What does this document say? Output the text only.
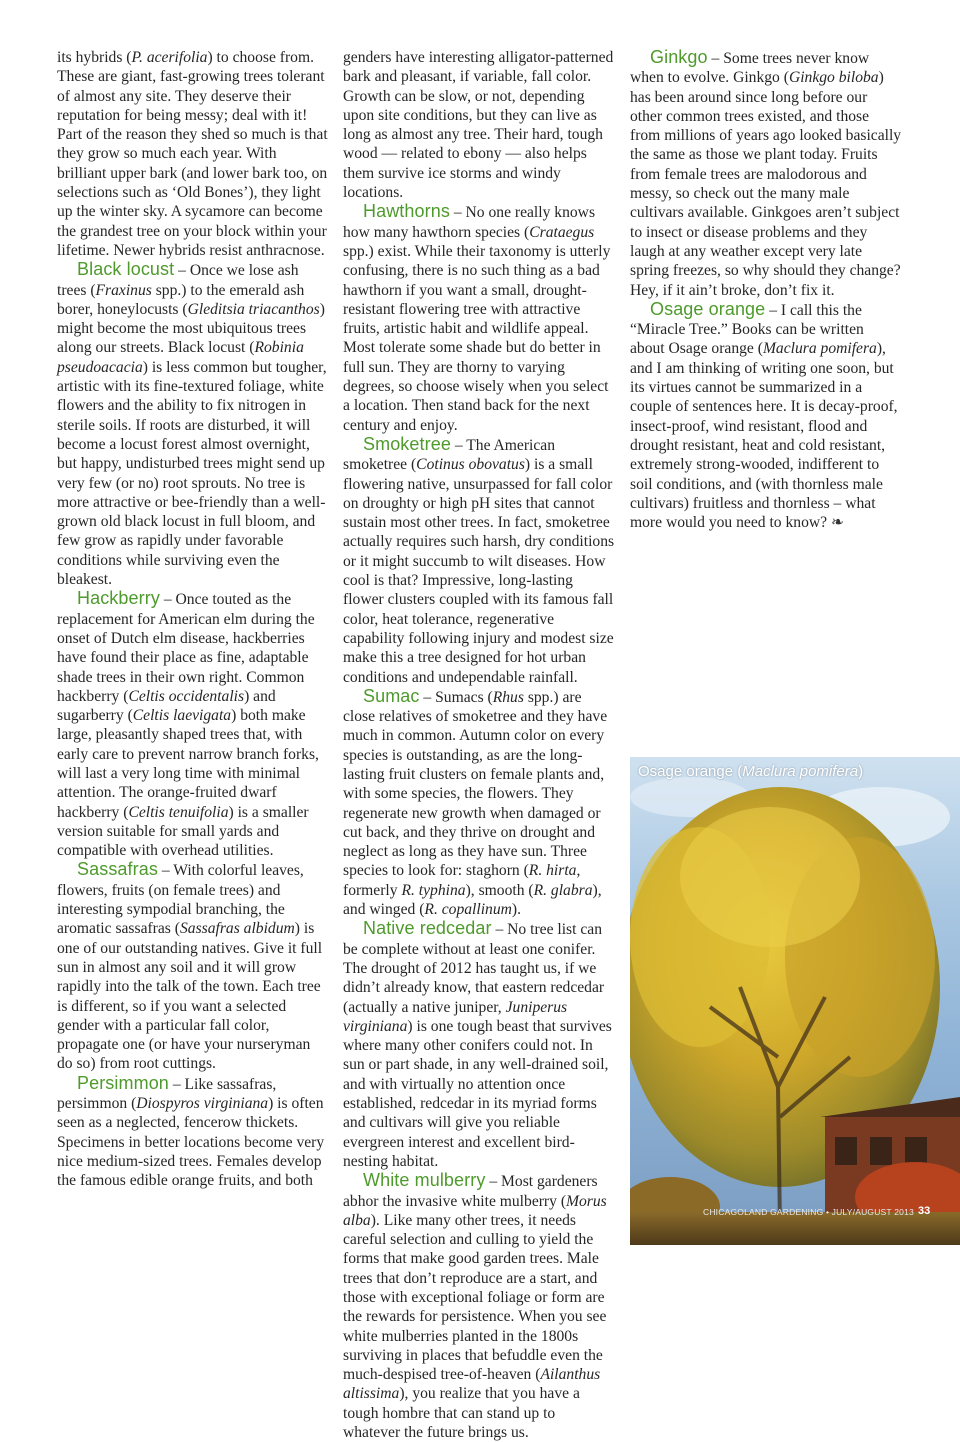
its hybrids (P. acerifolia) to choose from. These are giant, fast-growing trees tolerant of almost any site. They deserve their reputation for being messy; deal with it! Part of the reason they shed so much is that they grow so much each year. With brilliant upper bark (and lower bark too, on selections such as ‘Old Bones’), they light up the winter sky. A sycamore can become the grandest tree on your block within your lifetime. Newer hybrids resist anthracnose.

Black locust – Once we lose ash trees (Fraxinus spp.) to the emerald ash borer, honeylocusts (Gleditsia triacanthos) might become the most ubiquitous trees along our streets. Black locust (Robinia pseudoacacia) is less common but tougher, artistic with its fine-textured foliage, white flowers and the ability to fix nitrogen in sterile soils. If roots are disturbed, it will become a locust forest almost overnight, but happy, undisturbed trees might send up very few (or no) root sprouts. No tree is more attractive or bee-friendly than a well-grown old black locust in full bloom, and few grow as rapidly under favorable conditions while surviving even the bleakest.

Hackberry – Once touted as the replacement for American elm during the onset of Dutch elm disease, hackberries have found their place as fine, adaptable shade trees in their own right. Common hackberry (Celtis occidentalis) and sugarberry (Celtis laevigata) both make large, pleasantly shaped trees that, with early care to prevent narrow branch forks, will last a very long time with minimal attention. The orange-fruited dwarf hackberry (Celtis tenuifolia) is a smaller version suitable for small yards and compatible with overhead utilities.

Sassafras – With colorful leaves, flowers, fruits (on female trees) and interesting sympodial branching, the aromatic sassafras (Sassafras albidum) is one of our outstanding natives. Give it full sun in almost any soil and it will grow rapidly into the talk of the town. Each tree is different, so if you want a selected gender with a particular fall color, propagate one (or have your nurseryman do so) from root cuttings.

Persimmon – Like sassafras, persimmon (Diospyros virginiana) is often seen as a neglected, fencerow thickets. Specimens in better locations become very nice medium-sized trees. Females develop the famous edible orange fruits, and both

genders have interesting alligator-patterned bark and pleasant, if variable, fall color. Growth can be slow, or not, depending upon site conditions, but they can live as long as almost any tree. Their hard, tough wood — related to ebony — also helps them survive ice storms and windy locations.

Hawthorns – No one really knows how many hawthorn species (Crataegus spp.) exist. While their taxonomy is utterly confusing, there is no such thing as a bad hawthorn if you want a small, drought-resistant flowering tree with attractive fruits, artistic habit and wildlife appeal. Most tolerate some shade but do better in full sun. They are thorny to varying degrees, so choose wisely when you select a location. Then stand back for the next century and enjoy.

Smoketree – The American smoketree (Cotinus obovatus) is a small flowering native, unsurpassed for fall color on droughty or high pH sites that cannot sustain most other trees. In fact, smoketree actually requires such harsh, dry conditions or it might succumb to wilt diseases. How cool is that? Impressive, long-lasting flower clusters coupled with its famous fall color, heat tolerance, regenerative capability following injury and modest size make this a tree designed for hot urban conditions and undependable rainfall.

Sumac – Sumacs (Rhus spp.) are close relatives of smoketree and they have much in common. Autumn color on every species is outstanding, as are the long-lasting fruit clusters on female plants and, with some species, the flowers. They regenerate new growth when damaged or cut back, and they thrive on drought and neglect as long as they have sun. Three species to look for: staghorn (R. hirta, formerly R. typhina), smooth (R. glabra), and winged (R. copallinum).

Native redcedar – No tree list can be complete without at least one conifer. The drought of 2012 has taught us, if we didn’t already know, that eastern redcedar (actually a native juniper, Juniperus virginiana) is one tough beast that survives where many other conifers could not. In sun or part shade, in any well-drained soil, and with virtually no attention once established, redcedar in its myriad forms and cultivars will give you reliable evergreen interest and excellent bird-nesting habitat.

White mulberry – Most gardeners abhor the invasive white mulberry (Morus alba). Like many other trees, it needs careful selection and culling to yield the forms that make good garden trees. Male trees that don’t reproduce are a start, and those with exceptional foliage or form are the rewards for persistence. When you see white mulberries planted in the 1800s surviving in places that befuddle even the much-despised tree-of-heaven (Ailanthus altissima), you realize that you have a tough hombre that can stand up to whatever the future brings us.

Ginkgo – Some trees never know when to evolve. Ginkgo (Ginkgo biloba) has been around since long before our other common trees existed, and those from millions of years ago looked basically the same as those we plant today. Fruits from female trees are malodorous and messy, so check out the many male cultivars available. Ginkgoes aren’t subject to insect or disease problems and they laugh at any weather except very late spring freezes, so why should they change? Hey, if it ain’t broke, don’t fix it.

Osage orange – I call this the “Miracle Tree.” Books can be written about Osage orange (Maclura pomifera), and I am thinking of writing one soon, but its virtues cannot be summarized in a couple of sentences here. It is decay-proof, insect-proof, wind resistant, flood and drought resistant, heat and cold resistant, extremely strong-wooded, indifferent to soil conditions, and (with thornless male cultivars) fruitless and thornless – what more would you need to know? ❧

Osage orange (Maclura pomifera)
CHICAGOLAND GARDENING • JULY/AUGUST 2013 33
